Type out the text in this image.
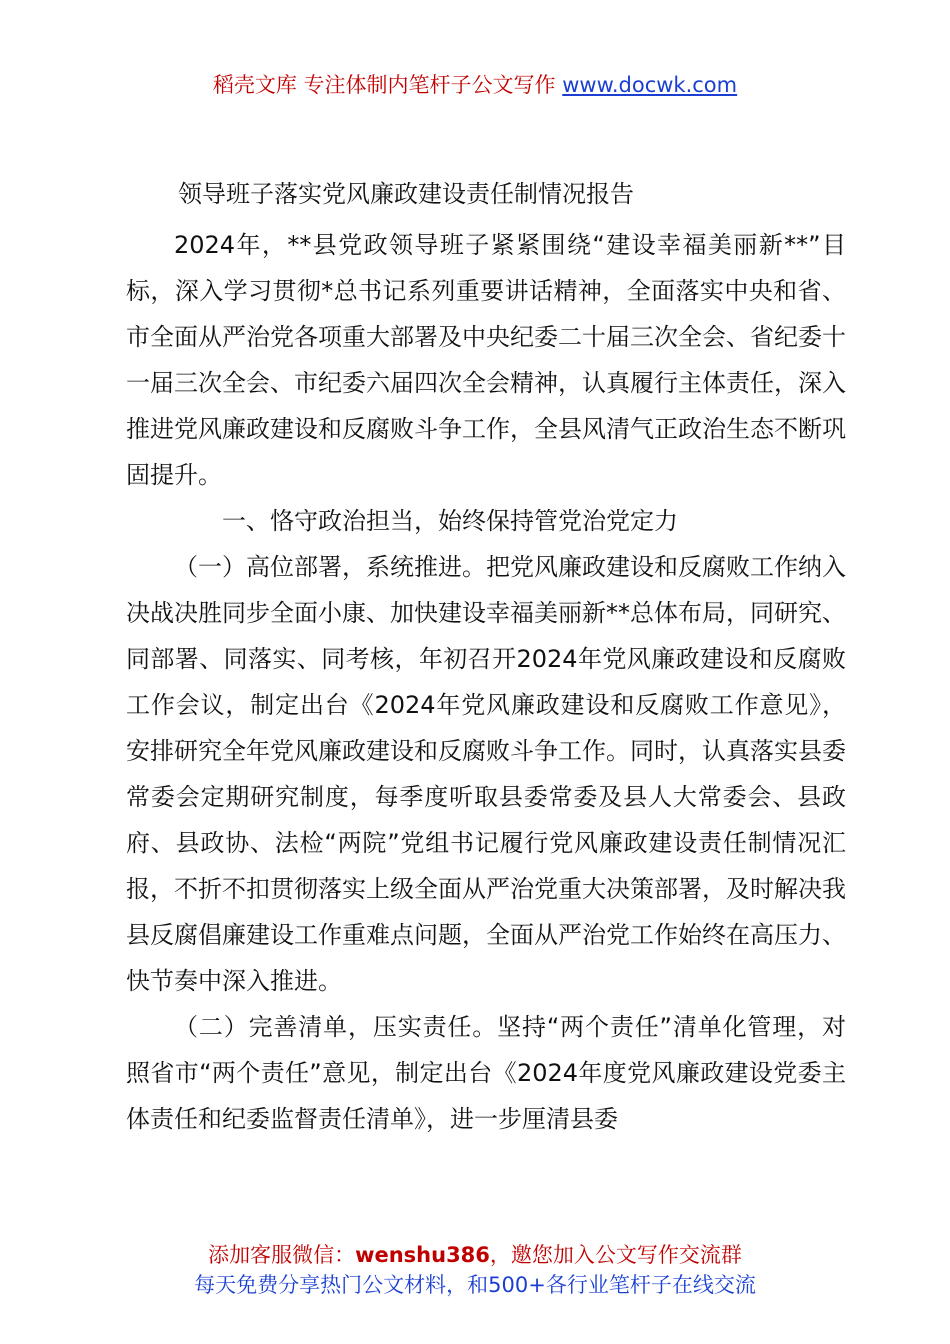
稻壳文库 专注体制内笔杆子公文写作 www.docwk.com
领导班子落实党风廉政建设责任制情况报告

2024年，**县党政领导班子紧紧围绕“建设幸福美丽新**”目标，深入学习贯彻*总书记系列重要讲话精神，全面落实中央和省、市全面从严治党各项重大部署及中央纪委二十届三次全会、省纪委十一届三次全会、市纪委六届四次全会精神，认真履行主体责任，深入推进党风廉政建设和反腐败斗争工作，全县风清气正政治生态不断巩固提升。

一、恪守政治担当，始终保持管党治党定力

（一）高位部署，系统推进。把党风廉政建设和反腐败工作纳入决战决胜同步全面小康、加快建设幸福美丽新**总体布局，同研究、同部署、同落实、同考核，年初召开2024年党风廉政建设和反腐败工作会议，制定出台《2024年党风廉政建设和反腐败工作意见》，安排研究全年党风廉政建设和反腐败斗争工作。同时，认真落实县委常委会定期研究制度，每季度听取县委常委及县人大常委会、县政府、县政协、法检“两院”党组书记履行党风廉政建设责任制情况汇报，不折不扣贯彻落实上级全面从严治党重大决策部署，及时解决我县反腐倡廉建设工作重难点问题，全面从严治党工作始终在高压力、快节奏中深入推进。

（二）完善清单，压实责任。坚持“两个责任”清单化管理，对照省市“两个责任”意见，制定出台《2024年度党风廉政建设党委主体责任和纪委监督责任清单》，进一步厘清县委

添加客服微信：wenshu386，邀您加入公文写作交流群
每天免费分享热门公文材料，和500+各行业笔杆子在线交流
